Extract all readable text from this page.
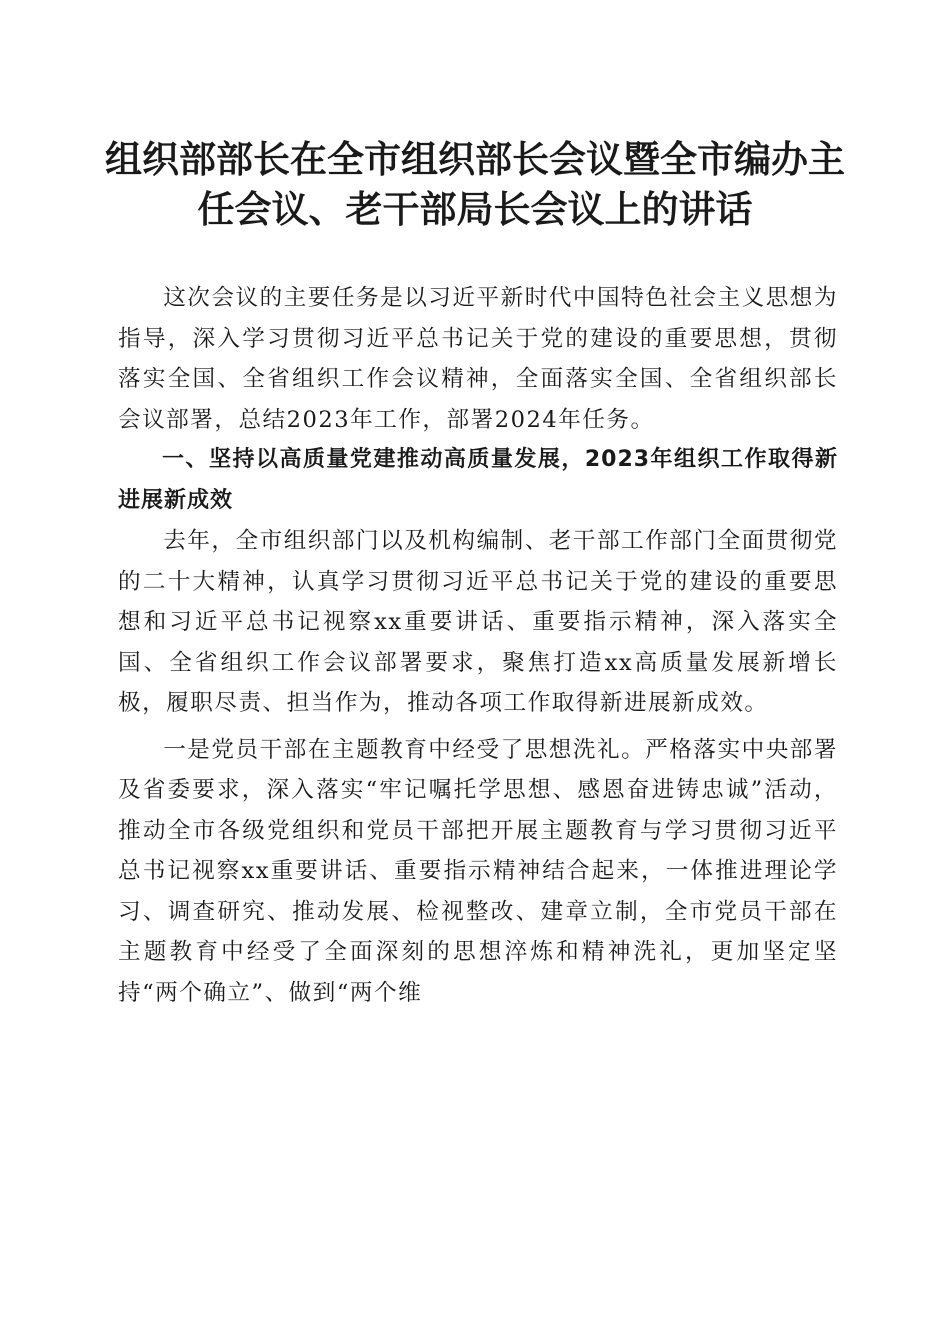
组织部部长在全市组织部长会议暨全市编办主
任会议、老干部局长会议上的讲话

这次会议的主要任务是以习近平新时代中国特色社会主义思想为指导，深入学习贯彻习近平总书记关于党的建设的重要思想，贯彻落实全国、全省组织工作会议精神，全面落实全国、全省组织部长会议部署，总结2023年工作，部署2024年任务。

一、坚持以高质量党建推动高质量发展，2023年组织工作取得新进展新成效

去年，全市组织部门以及机构编制、老干部工作部门全面贯彻党的二十大精神，认真学习贯彻习近平总书记关于党的建设的重要思想和习近平总书记视察xx重要讲话、重要指示精神，深入落实全国、全省组织工作会议部署要求，聚焦打造xx高质量发展新增长极，履职尽责、担当作为，推动各项工作取得新进展新成效。

一是党员干部在主题教育中经受了思想洗礼。严格落实中央部署及省委要求，深入落实“牢记嘱托学思想、感恩奋进铸忠诚”活动，推动全市各级党组织和党员干部把开展主题教育与学习贯彻习近平总书记视察xx重要讲话、重要指示精神结合起来，一体推进理论学习、调查研究、推动发展、检视整改、建章立制，全市党员干部在主题教育中经受了全面深刻的思想淬炼和精神洗礼，更加坚定坚持“两个确立”、做到“两个维
